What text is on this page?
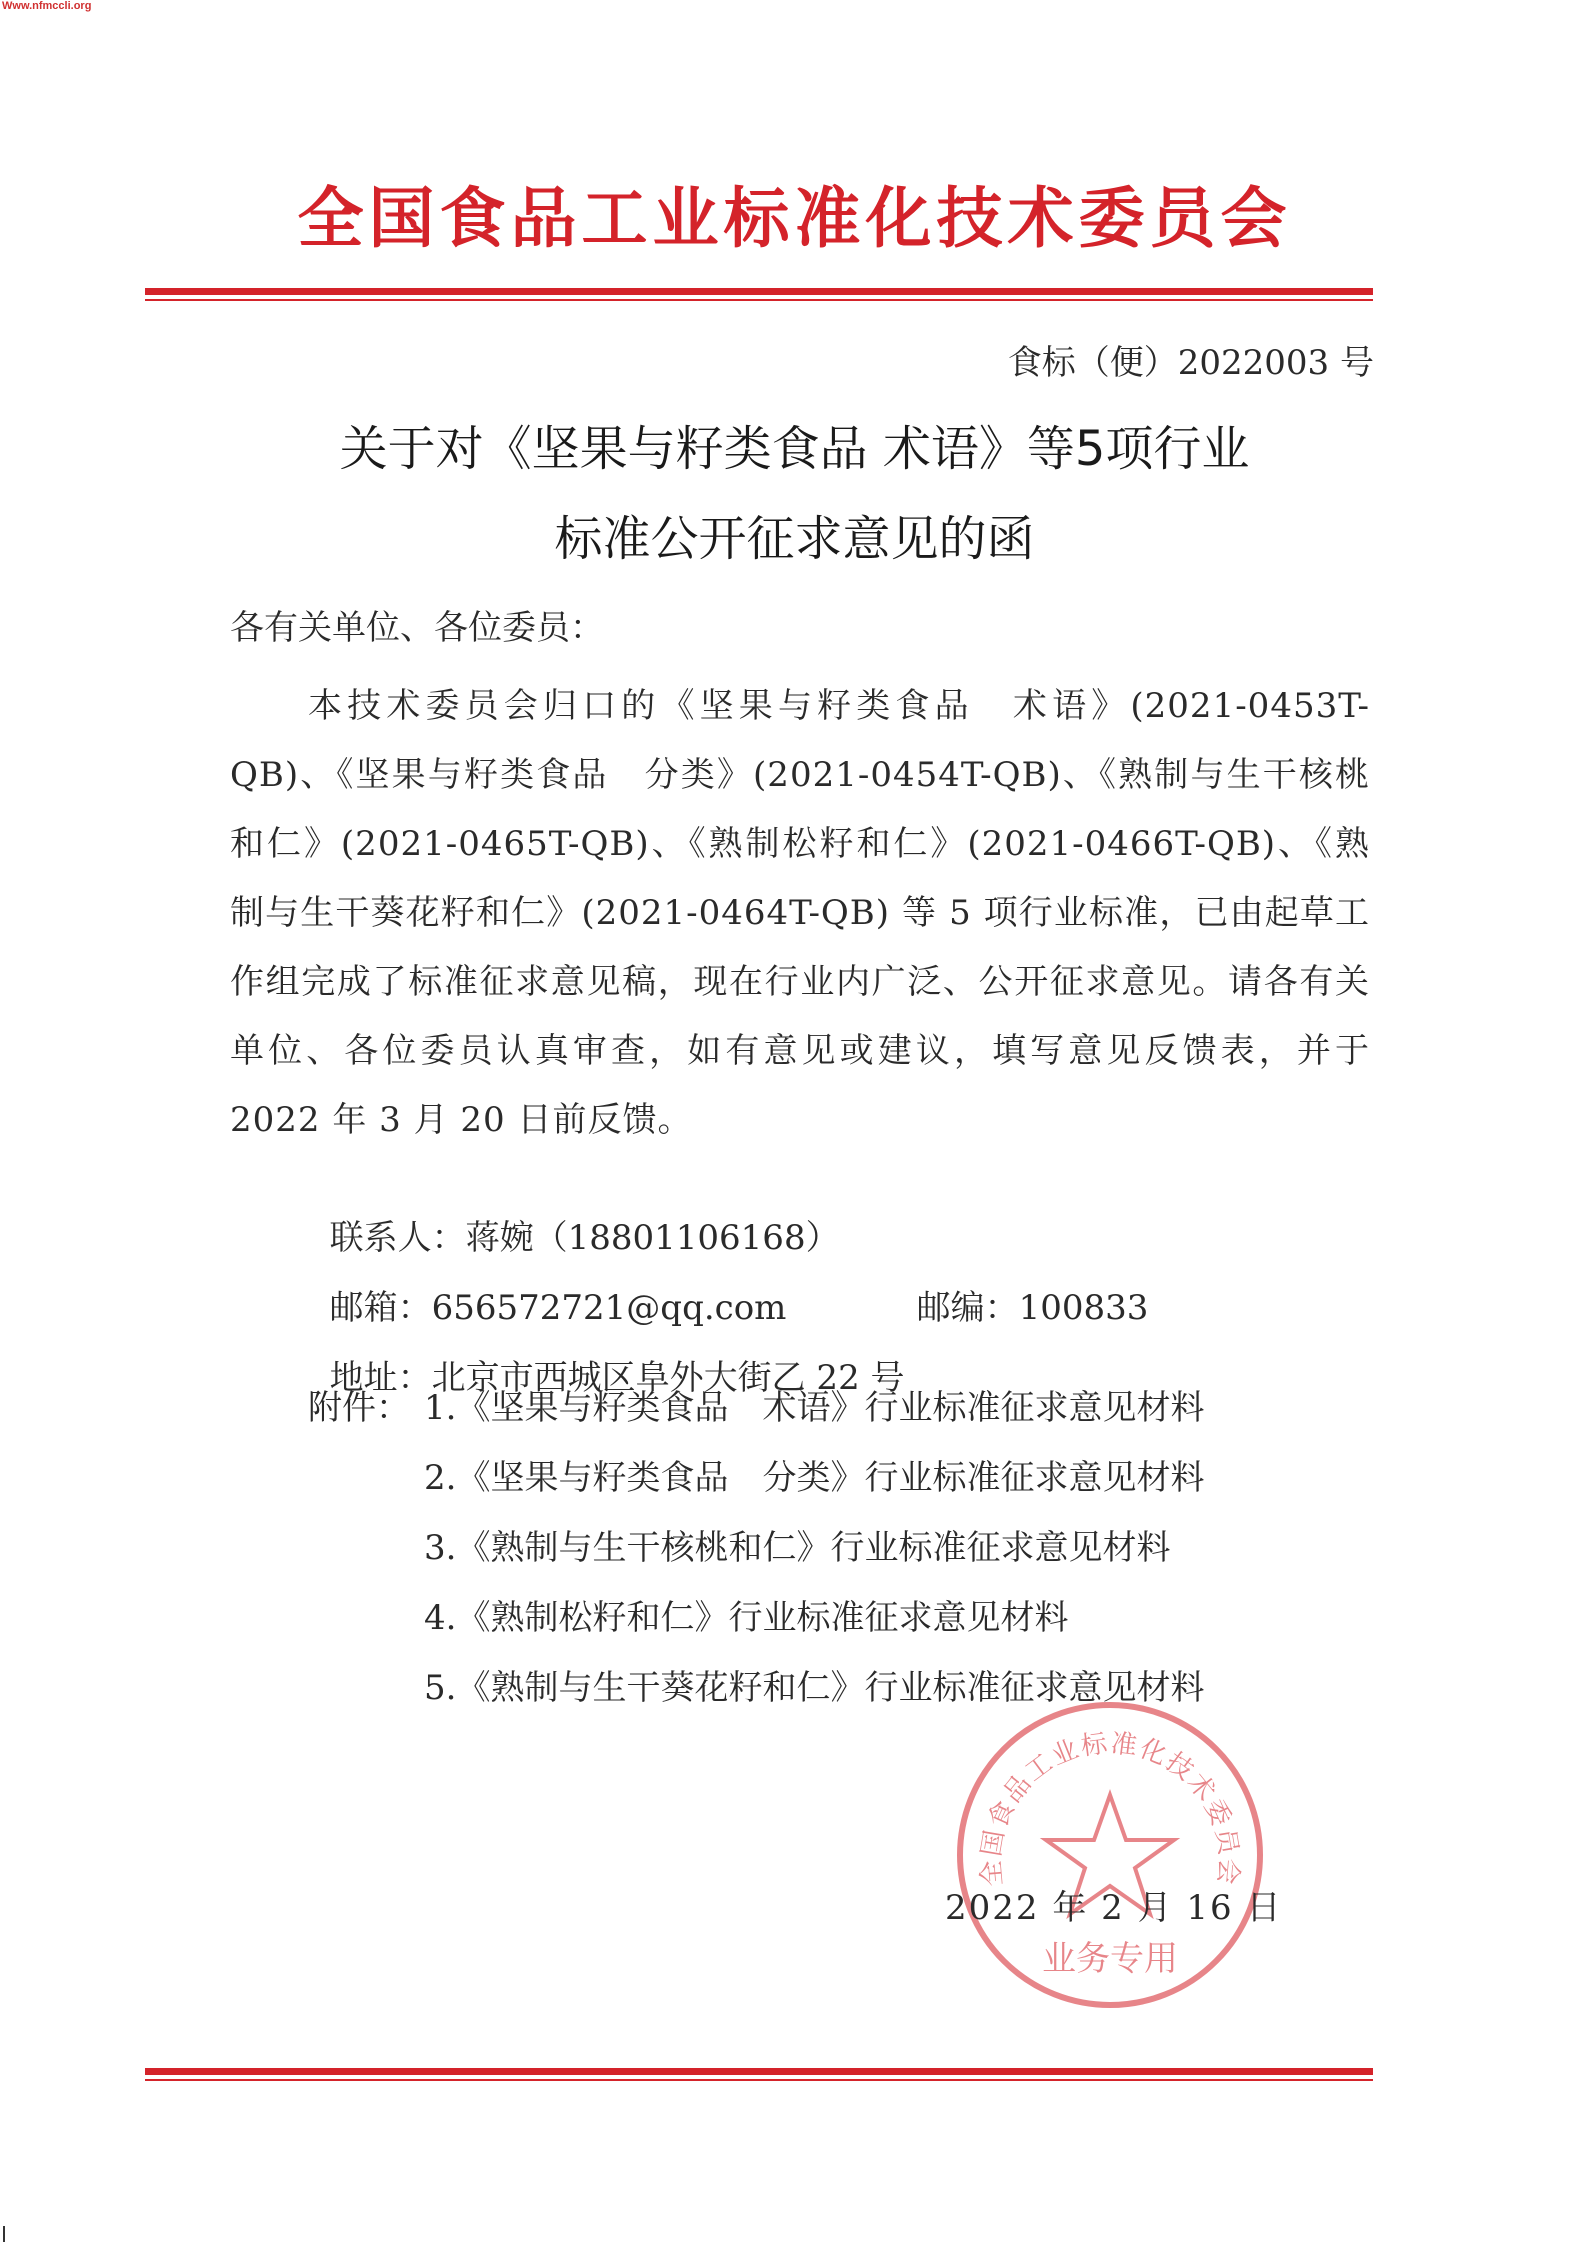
Www.nfmccli.org
全国食品工业标准化技术委员会
食标（便）2022003 号
关于对《坚果与籽类食品 术语》等5项行业
标准公开征求意见的函
各有关单位、各位委员：
本技术委员会归口的《坚果与籽类食品　术语》(2021-0453T-QB)、《坚果与籽类食品　分类》(2021-0454T-QB)、《熟制与生干核桃和仁》(2021-0465T-QB)、《熟制松籽和仁》(2021-0466T-QB)、《熟制与生干葵花籽和仁》(2021-0464T-QB) 等 5 项行业标准，已由起草工作组完成了标准征求意见稿，现在行业内广泛、公开征求意见。请各有关单位、各位委员认真审查，如有意见或建议，填写意见反馈表，并于 2022 年 3 月 20 日前反馈。

联系人：蒋婉（18801106168）

邮箱：656572721@qq.com	邮编：100833

地址：北京市西城区阜外大街乙 22 号

附件： 1.《坚果与籽类食品　术语》行业标准征求意见材料
2.《坚果与籽类食品　分类》行业标准征求意见材料
3.《熟制与生干核桃和仁》行业标准征求意见材料
4.《熟制松籽和仁》行业标准征求意见材料
5.《熟制与生干葵花籽和仁》行业标准征求意见材料
全国食品工业标准化技术委员会
业务专用
2022 年 2 月 16 日
